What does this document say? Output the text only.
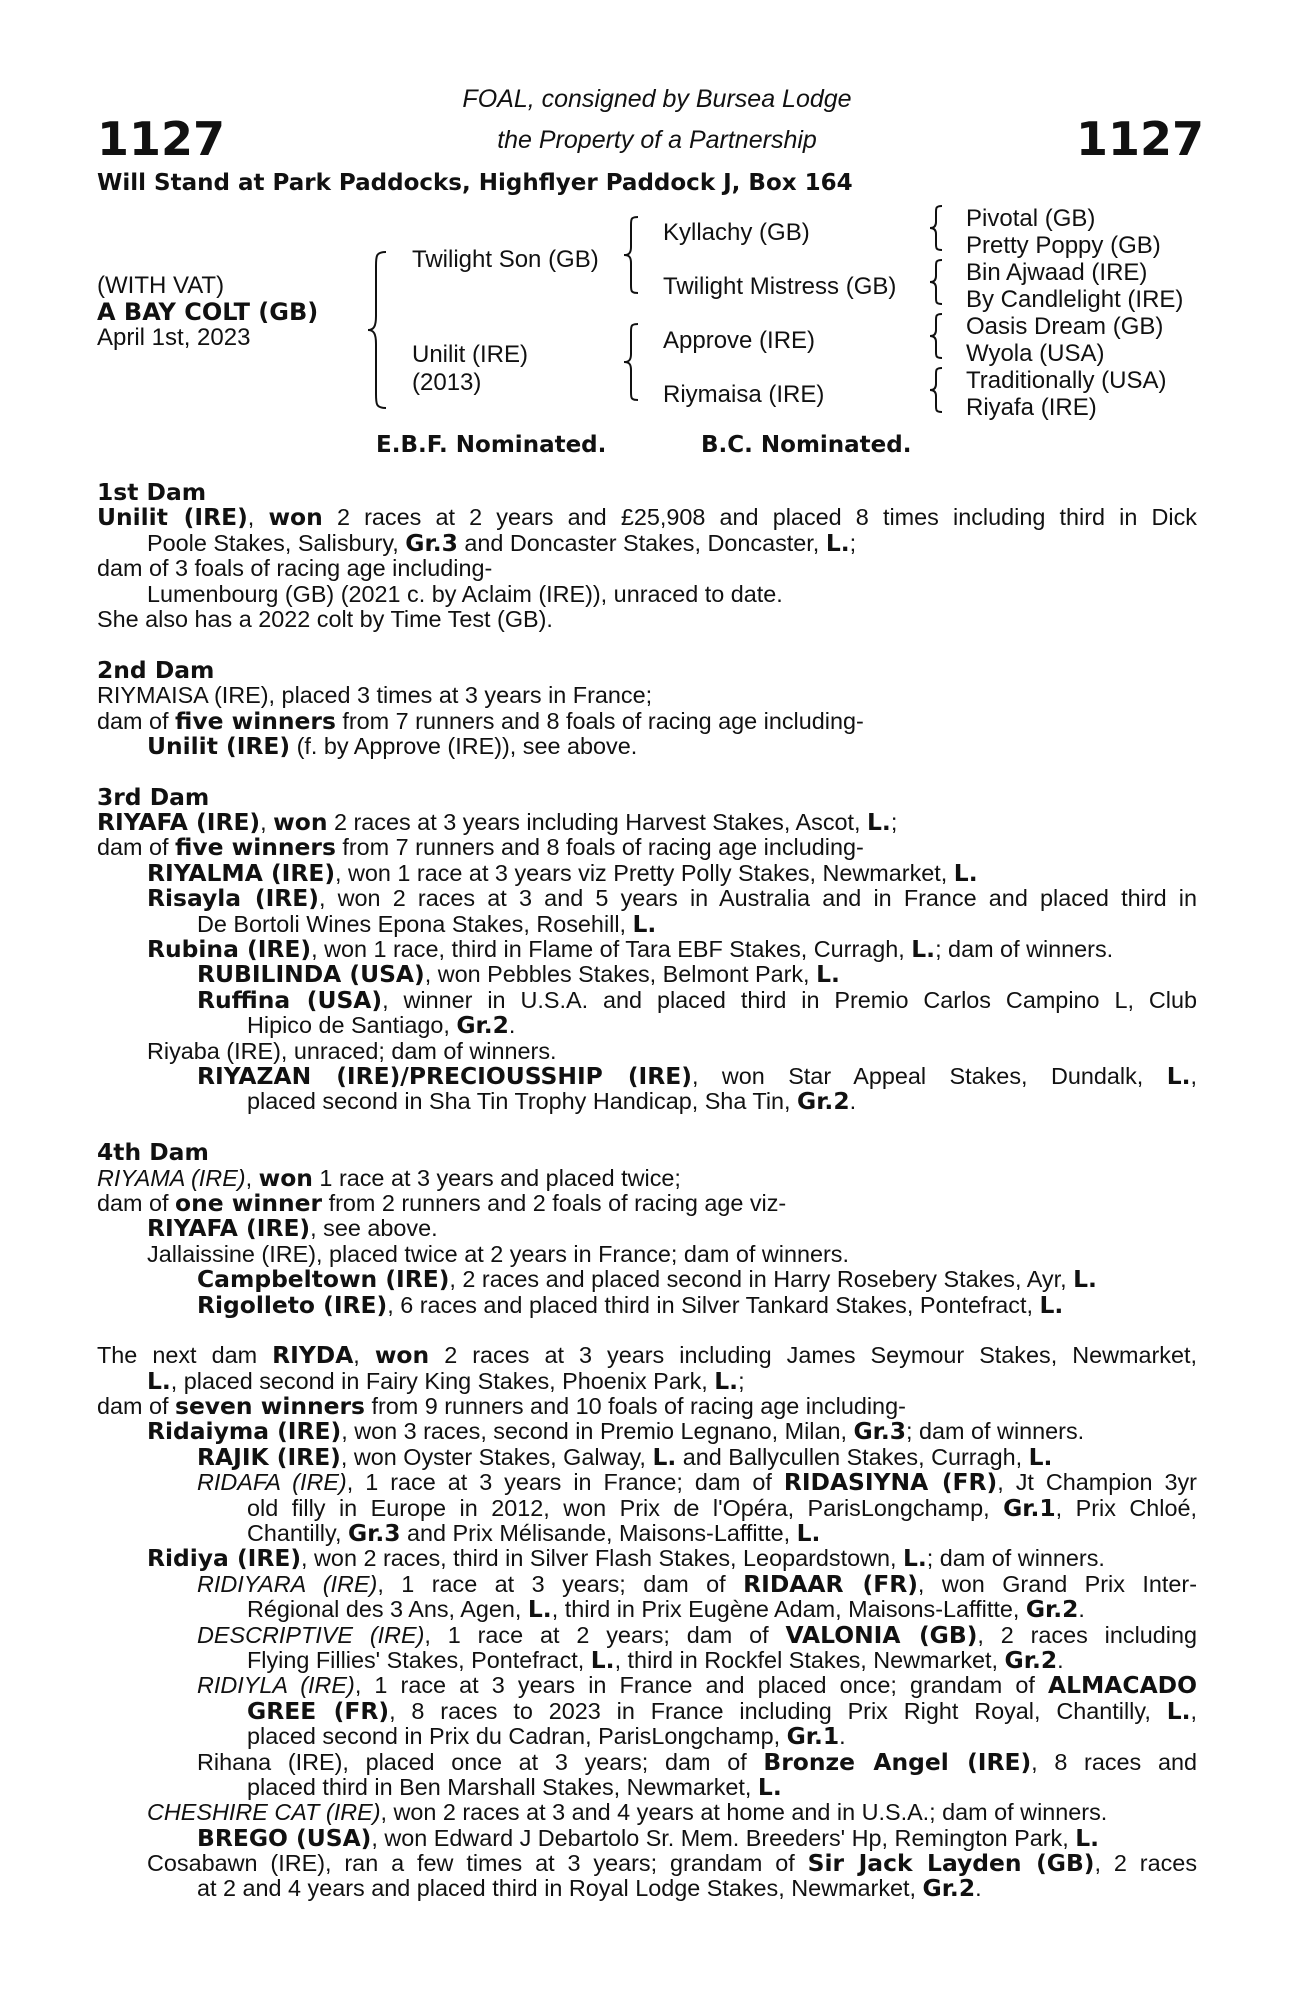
1127	1127
FOAL, consigned by Bursea Lodge
the Property of a Partnership
Will Stand at Park Paddocks, Highflyer Paddock J, Box 164
(WITH VAT)
A BAY COLT (GB)
April 1st, 2023
Twilight Son (GB)
Unilit (IRE)
(2013)
Kyllachy (GB)
Twilight Mistress (GB)
Approve (IRE)
Riymaisa (IRE)
Pivotal (GB)
Pretty Poppy (GB)
Bin Ajwaad (IRE)
By Candlelight (IRE)
Oasis Dream (GB)
Wyola (USA)
Traditionally (USA)
Riyafa (IRE)
E.B.F. Nominated.	B.C. Nominated.
1st Dam
Unilit (IRE), won 2 races at 2 years and £25,908 and placed 8 times including third in Dick
Poole Stakes, Salisbury, Gr.3 and Doncaster Stakes, Doncaster, L.;
dam of 3 foals of racing age including-
Lumenbourg (GB) (2021 c. by Aclaim (IRE)), unraced to date.
She also has a 2022 colt by Time Test (GB).
2nd Dam
RIYMAISA (IRE), placed 3 times at 3 years in France;
dam of five winners from 7 runners and 8 foals of racing age including-
Unilit (IRE) (f. by Approve (IRE)), see above.
3rd Dam
RIYAFA (IRE), won 2 races at 3 years including Harvest Stakes, Ascot, L.;
dam of five winners from 7 runners and 8 foals of racing age including-
RIYALMA (IRE), won 1 race at 3 years viz Pretty Polly Stakes, Newmarket, L.
Risayla (IRE), won 2 races at 3 and 5 years in Australia and in France and placed third in
De Bortoli Wines Epona Stakes, Rosehill, L.
Rubina (IRE), won 1 race, third in Flame of Tara EBF Stakes, Curragh, L.; dam of winners.
RUBILINDA (USA), won Pebbles Stakes, Belmont Park, L.
Ruffina (USA), winner in U.S.A. and placed third in Premio Carlos Campino L, Club
Hipico de Santiago, Gr.2.
Riyaba (IRE), unraced; dam of winners.
RIYAZAN (IRE)/PRECIOUSSHIP (IRE), won Star Appeal Stakes, Dundalk, L.,
placed second in Sha Tin Trophy Handicap, Sha Tin, Gr.2.
4th Dam
RIYAMA (IRE), won 1 race at 3 years and placed twice;
dam of one winner from 2 runners and 2 foals of racing age viz-
RIYAFA (IRE), see above.
Jallaissine (IRE), placed twice at 2 years in France; dam of winners.
Campbeltown (IRE), 2 races and placed second in Harry Rosebery Stakes, Ayr, L.
Rigolleto (IRE), 6 races and placed third in Silver Tankard Stakes, Pontefract, L.
The next dam RIYDA, won 2 races at 3 years including James Seymour Stakes, Newmarket,
L., placed second in Fairy King Stakes, Phoenix Park, L.;
dam of seven winners from 9 runners and 10 foals of racing age including-
Ridaiyma (IRE), won 3 races, second in Premio Legnano, Milan, Gr.3; dam of winners.
RAJIK (IRE), won Oyster Stakes, Galway, L. and Ballycullen Stakes, Curragh, L.
RIDAFA (IRE), 1 race at 3 years in France; dam of RIDASIYNA (FR), Jt Champion 3yr
old filly in Europe in 2012, won Prix de l'Opéra, ParisLongchamp, Gr.1, Prix Chloé,
Chantilly, Gr.3 and Prix Mélisande, Maisons-Laffitte, L.
Ridiya (IRE), won 2 races, third in Silver Flash Stakes, Leopardstown, L.; dam of winners.
RIDIYARA (IRE), 1 race at 3 years; dam of RIDAAR (FR), won Grand Prix Inter-
Régional des 3 Ans, Agen, L., third in Prix Eugène Adam, Maisons-Laffitte, Gr.2.
DESCRIPTIVE (IRE), 1 race at 2 years; dam of VALONIA (GB), 2 races including
Flying Fillies' Stakes, Pontefract, L., third in Rockfel Stakes, Newmarket, Gr.2.
RIDIYLA (IRE), 1 race at 3 years in France and placed once; grandam of ALMACADO
GREE (FR), 8 races to 2023 in France including Prix Right Royal, Chantilly, L.,
placed second in Prix du Cadran, ParisLongchamp, Gr.1.
Rihana (IRE), placed once at 3 years; dam of Bronze Angel (IRE), 8 races and
placed third in Ben Marshall Stakes, Newmarket, L.
CHESHIRE CAT (IRE), won 2 races at 3 and 4 years at home and in U.S.A.; dam of winners.
BREGO (USA), won Edward J Debartolo Sr. Mem. Breeders' Hp, Remington Park, L.
Cosabawn (IRE), ran a few times at 3 years; grandam of Sir Jack Layden (GB), 2 races
at 2 and 4 years and placed third in Royal Lodge Stakes, Newmarket, Gr.2.
